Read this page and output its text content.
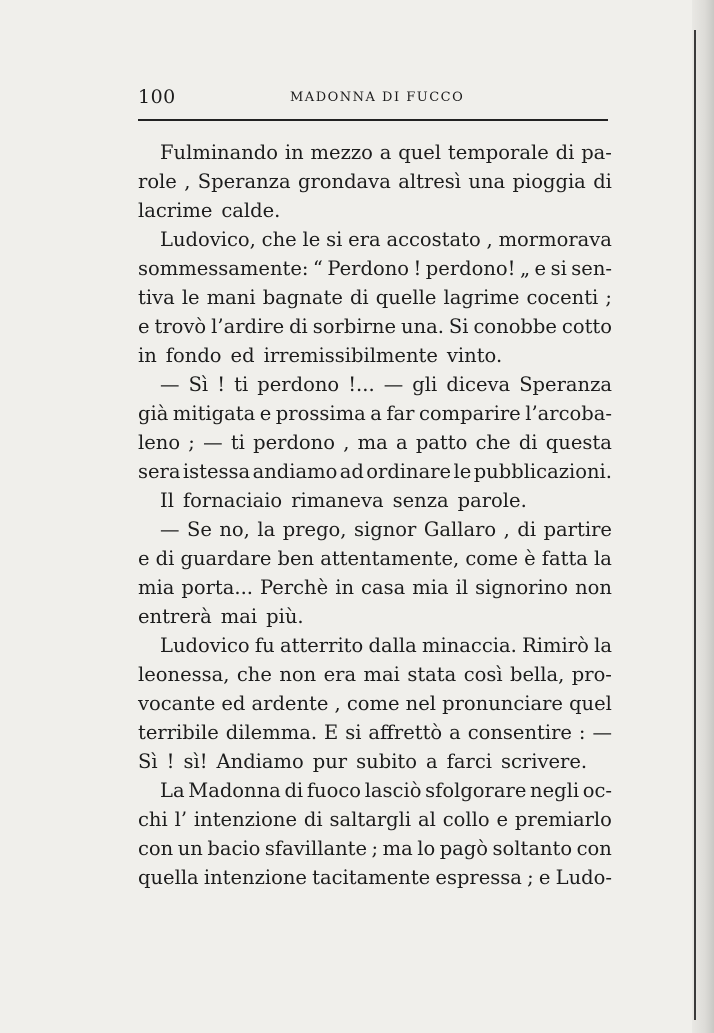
100	MADONNA DI FUCCO
Fulminando in mezzo a quel temporale di pa-
role , Speranza grondava altresì una pioggia di
lacrime calde.
Ludovico, che le si era accostato , mormorava
sommessamente: “ Perdono ! perdono! „ e si sen-
tiva le mani bagnate di quelle lagrime cocenti ;
e trovò l’ardire di sorbirne una. Si conobbe cotto
in fondo ed irremissibilmente vinto.
— Sì ! ti perdono !... — gli diceva Speranza
già mitigata e prossima a far comparire l’arcoba-
leno ; — ti perdono , ma a patto che di questa
sera istessa andiamo ad ordinare le pubblicazioni.
Il fornaciaio rimaneva senza parole.
— Se no, la prego, signor Gallaro , di partire
e di guardare ben attentamente, come è fatta la
mia porta... Perchè in casa mia il signorino non
entrerà mai più.
Ludovico fu atterrito dalla minaccia. Rimirò la
leonessa, che non era mai stata così bella, pro-
vocante ed ardente , come nel pronunciare quel
terribile dilemma. E si affrettò a consentire : —
Sì ! sì! Andiamo pur subito a farci scrivere.
La Madonna di fuoco lasciò sfolgorare negli oc-
chi l’ intenzione di saltargli al collo e premiarlo
con un bacio sfavillante ; ma lo pagò soltanto con
quella intenzione tacitamente espressa ; e Ludo-
